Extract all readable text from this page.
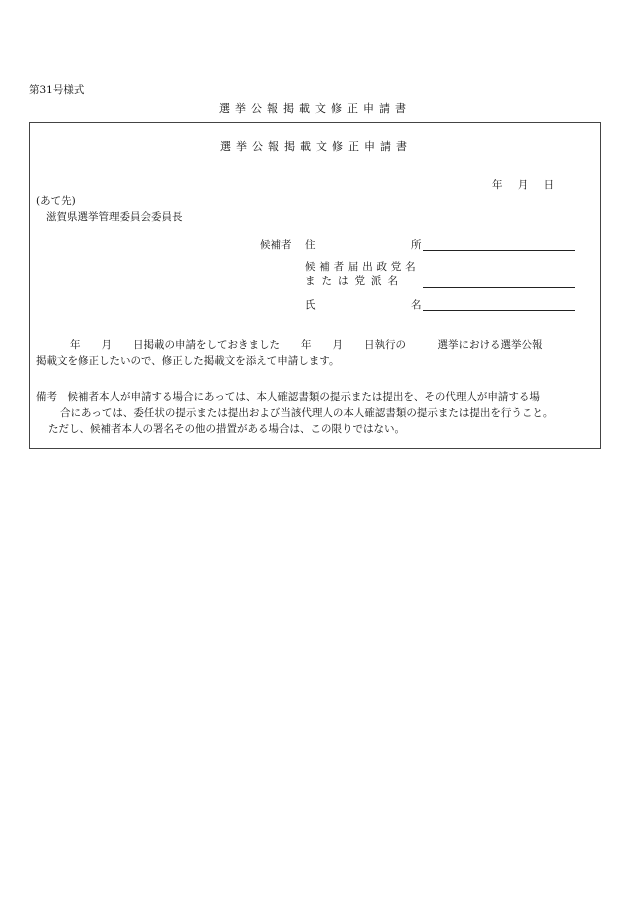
第31号様式
選挙公報掲載文修正申請書
選挙公報掲載文修正申請書
年 月 日
(あて先)
滋賀県選挙管理委員会委員長
候補者 住	所
候補者届出政党名
または党派名
氏	名
年　　月　　日掲載の申請をしておきました　　年　　月　　日執行の　　　選挙における選挙公報
掲載文を修正したいので、修正した掲載文を添えて申請します。
備考　候補者本人が申請する場合にあっては、本人確認書類の提示または提出を、その代理人が申請する場
合にあっては、委任状の提示または提出および当該代理人の本人確認書類の提示または提出を行うこと。
ただし、候補者本人の署名その他の措置がある場合は、この限りではない。
